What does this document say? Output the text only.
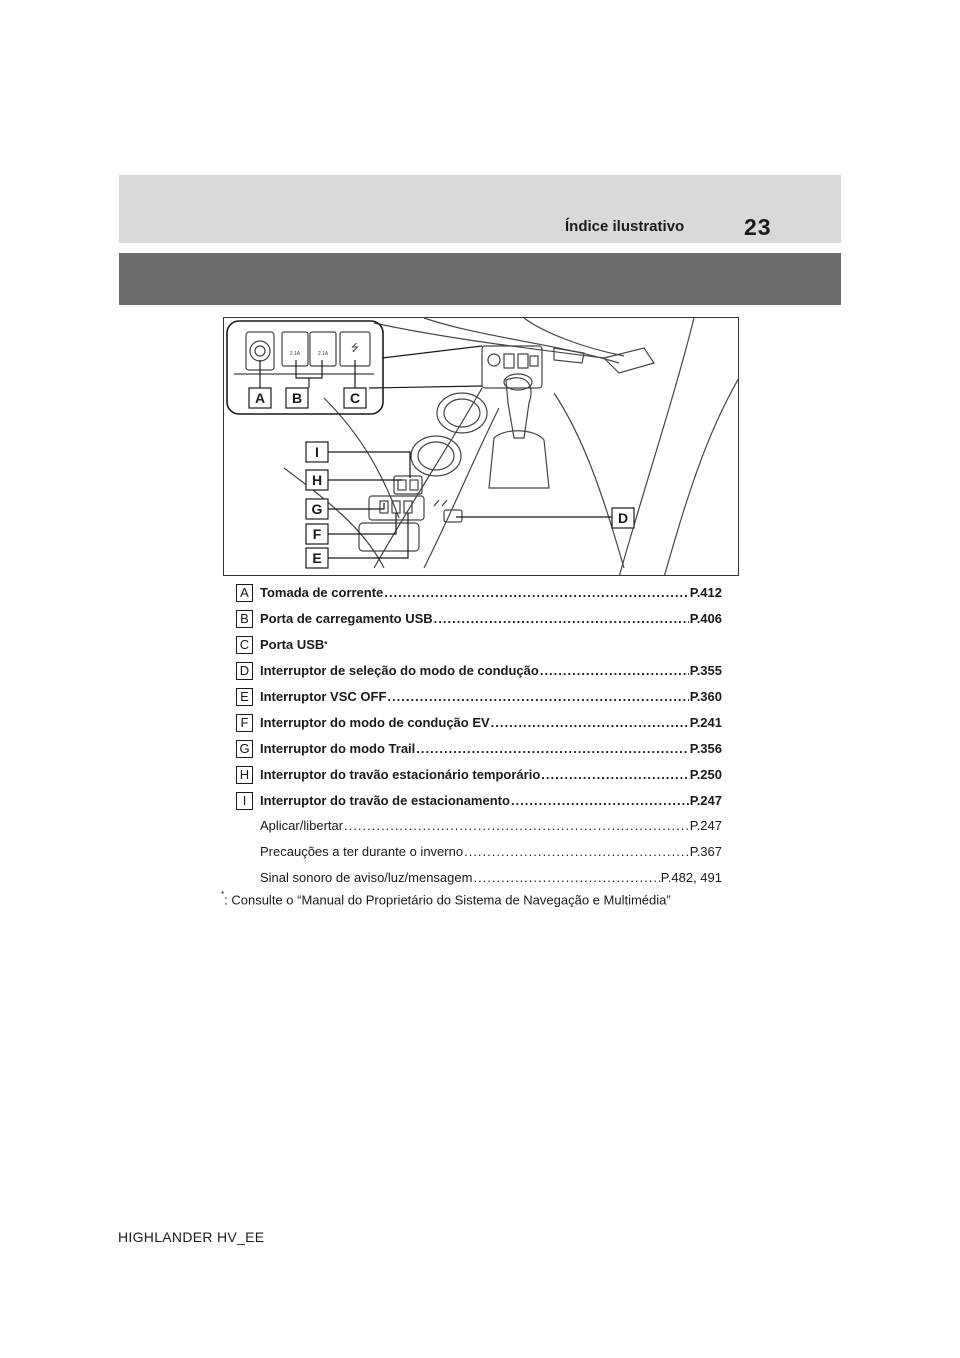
Índice ilustrativo	23
A B	C
D
E
F
G
H
I
2.1A	2.1A ⭍
A Tomada de corrente .....	P.412
B Porta de carregamento USB .....	P.406
C Porta USB*
D Interruptor de seleção do modo de condução .....	P.355
E Interruptor VSC OFF .....	P.360
F Interruptor do modo de condução EV .....	P.241
G Interruptor do modo Trail .....	P.356
H Interruptor do travão estacionário temporário .....	P.250
I	Interruptor do travão de estacionamento .....	P.247
Aplicar/libertar .....	P.247
Precauções a ter durante o inverno .....	P.367
Sinal sonoro de aviso/luz/mensagem .....	P.482, 491
*: Consulte o “Manual do Proprietário do Sistema de Navegação e Multimédia”
HIGHLANDER HV_EE
